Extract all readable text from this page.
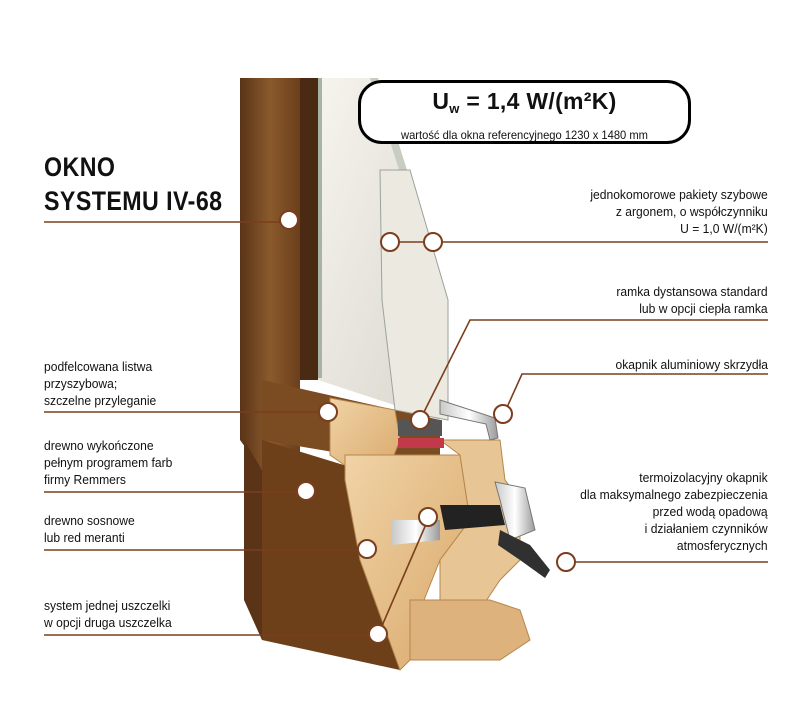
OKNO
SYSTEMU IV-68
$U_w = 1,4$ W/(m²K)
wartość dla okna referencyjnego 1230 x 1480 mm
podfelcowana listwa
przyszybowa;
szczelne przyleganie
drewno wykończone
pełnym programem farb
firmy Remmers
drewno sosnowe
lub red meranti
system jednej uszczelki
w opcji druga uszczelka
jednokomorowe pakiety szybowe
z argonem, o współczynniku
U = 1,0 W/(m²K)
ramka dystansowa standard
lub w opcji ciepła ramka
okapnik aluminiowy skrzydła
termoizolacyjny okapnik
dla maksymalnego zabezpieczenia
przed wodą opadową
i działaniem czynników
atmosferycznych
